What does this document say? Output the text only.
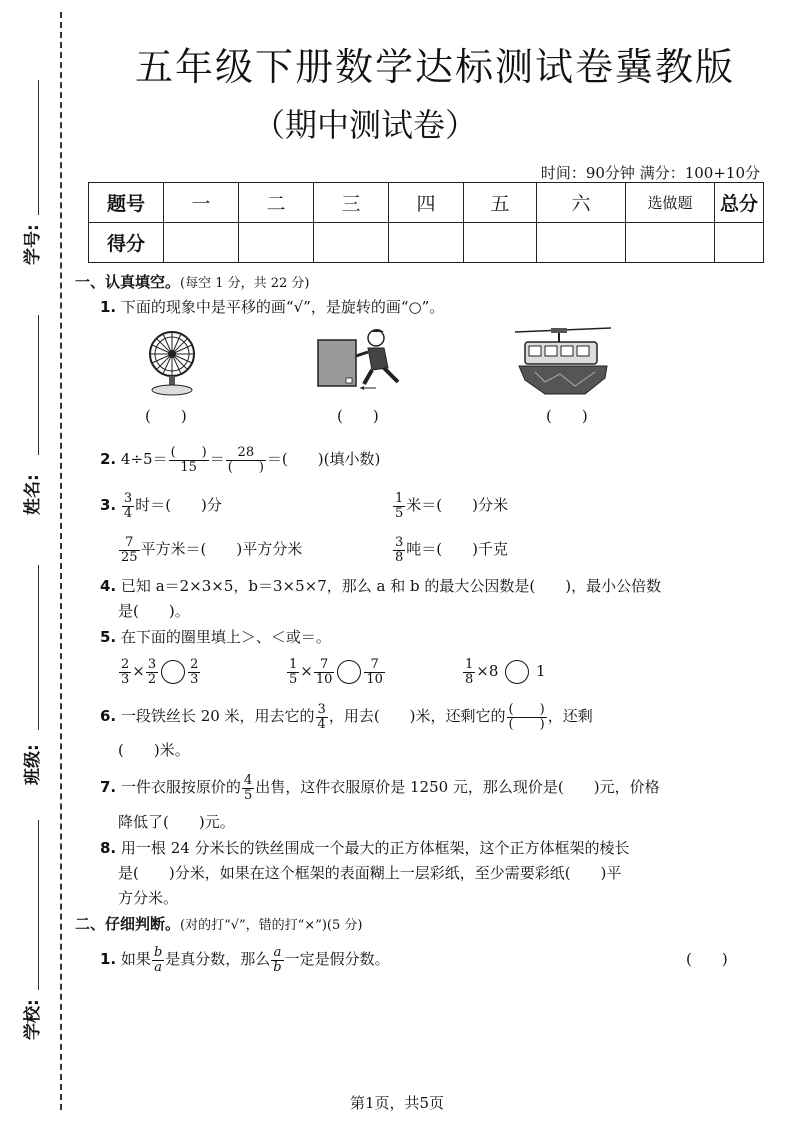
学号:
姓名:
班级:
学校:
五年级下册数学达标测试卷冀教版
（期中测试卷）
时间：90分钟 满分：100+10分
题号	一	二	三	四	五	六	选做题	总分
得分								
一、认真填空。(每空 1 分，共 22 分)
1. 下面的现象中是平移的画“√”，是旋转的画“○”。
(　　)	(　　)	(　　)
2. $4\div 5= \frac{( )}{15} = \frac{28}{( )}$ ＝(　　)(填小数)
3. $\frac{3}{4}$ 时＝(　　)分	$\frac{1}{5}$ 米＝(　　)分米
$\frac{7}{25}$ 平方米＝(　　)平方分米	$\frac{3}{8}$ 吨＝(　　)千克
4. 已知 a＝2×3×5，b＝3×5×7，那么 a 和 b 的最大公因数是(　　)，最小公倍数
是(　　)。
5. 在下面的圈里填上＞、＜或＝。
$\frac{2}{3} \times \frac{3}{2} \frac{2}{3}$	$\frac{1}{5} \times \frac{7}{10} \frac{7}{10}$	$\frac{1}{8} \times 8$	1
6. 一段铁丝长 20 米，用去它的 $\frac{3}{4}$ ，用去(　　)米，还剩它的 $\frac{( )}{( )}$ ，还剩
(　　)米。
7. 一件衣服按原价的 $\frac{4}{5}$ 出售，这件衣服原价是 1250 元，那么现价是(　　)元，价格
降低了(　　)元。
8. 用一根 24 分米长的铁丝围成一个最大的正方体框架，这个正方体框架的棱长
是(　　)分米，如果在这个框架的表面糊上一层彩纸，至少需要彩纸(　　)平
方分米。
二、仔细判断。(对的打“√”，错的打“×”)(5 分)
1. 如果 $\frac{b}{a}$ 是真分数，那么 $\frac{a}{b}$ 一定是假分数。	(　　)
第1页，共5页
